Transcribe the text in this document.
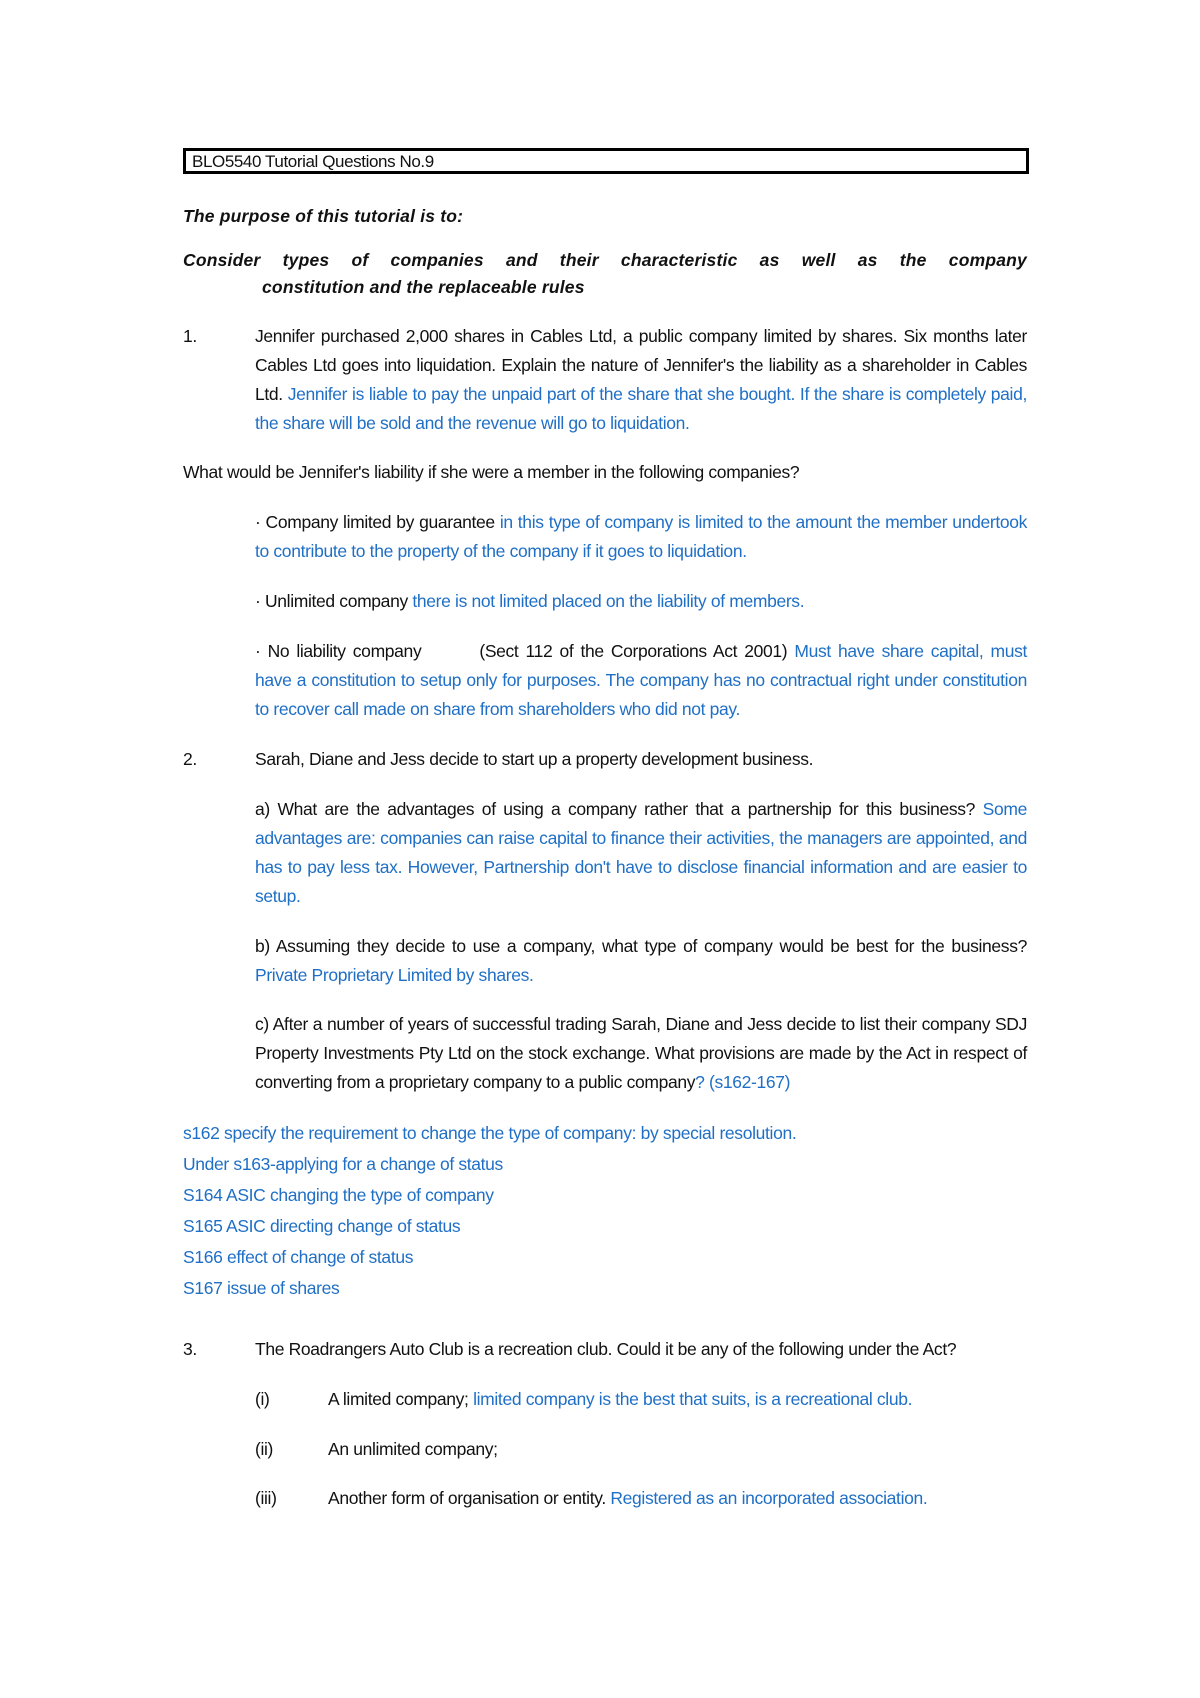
BLO5540 Tutorial Questions No.9
The purpose of this tutorial is to:
Consider types of companies and their characteristic as well as the company
constitution and the replaceable rules
1.	Jennifer purchased 2,000 shares in Cables Ltd, a public company limited by shares. Six months later Cables Ltd goes into liquidation. Explain the nature of Jennifer's the liability as a shareholder in Cables Ltd. Jennifer is liable to pay the unpaid part of the share that she bought. If the share is completely paid, the share will be sold and the revenue will go to liquidation.
What would be Jennifer's liability if she were a member in the following companies?
· Company limited by guarantee in this type of company is limited to the amount the member undertook to contribute to the property of the company if it goes to liquidation.
· Unlimited company there is not limited placed on the liability of members.
· No liability company	(Sect 112 of the Corporations Act 2001) Must have share capital, must have a constitution to setup only for purposes. The company has no contractual right under constitution to recover call made on share from shareholders who did not pay.
2.	Sarah, Diane and Jess decide to start up a property development business.
a) What are the advantages of using a company rather that a partnership for this business? Some advantages are: companies can raise capital to finance their activities, the managers are appointed, and has to pay less tax. However, Partnership don't have to disclose financial information and are easier to setup.
b) Assuming they decide to use a company, what type of company would be best for the business? Private Proprietary Limited by shares.
c) After a number of years of successful trading Sarah, Diane and Jess decide to list their company SDJ Property Investments Pty Ltd on the stock exchange. What provisions are made by the Act in respect of converting from a proprietary company to a public company? (s162-167)
s162 specify the requirement to change the type of company: by special resolution.
Under s163-applying for a change of status
S164 ASIC changing the type of company
S165 ASIC directing change of status
S166 effect of change of status
S167 issue of shares
3.	The Roadrangers Auto Club is a recreation club. Could it be any of the following under the Act?
(i)	A limited company; limited company is the best that suits, is a recreational club.
(ii)	An unlimited company;
(iii)	Another form of organisation or entity. Registered as an incorporated association.
